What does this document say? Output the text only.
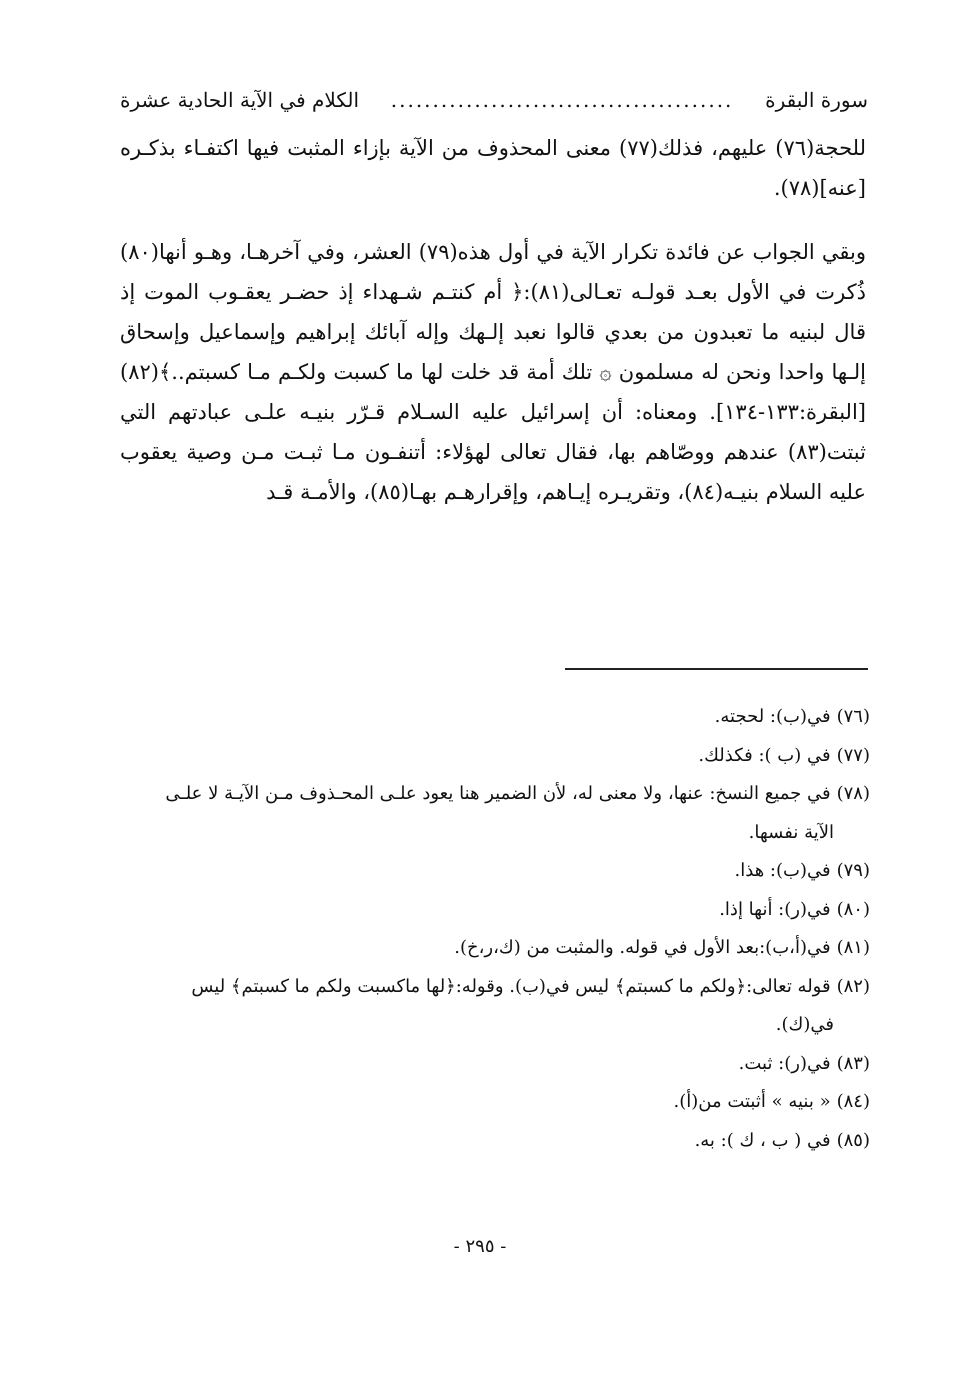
سورة البقرة
.........................................
الكلام في الآية الحادية عشرة

للحجة(٧٦) عليهم، فذلك(٧٧) معنى المحذوف من الآية بإزاء المثبت فيها اكتفـاء بذكـره [عنه](٧٨).

وبقي الجواب عن فائدة تكرار الآية في أول هذه(٧٩) العشر، وفي آخرهـا، وهـو أنها(٨٠) ذُكرت في الأول بعـد قولـه تعـالى(٨١):﴿ أم كنتـم شـهداء إذ حضـر يعقـوب الموت إذ قال لبنيه ما تعبدون من بعدي قالوا نعبد إلـهك وإله آبائك إبراهيم وإسماعيل وإسحاق إلـها واحدا ونحن له مسلمون ۞ تلك أمة قد خلت لها ما كسبت ولكـم مـا كسبتم..﴾(٨٢)[البقرة:١٣٣-١٣٤]. ومعناه: أن إسرائيل عليه السـلام قـرّر بنيـه علـى عبادتهم التي ثبتت(٨٣) عندهم ووصّاهم بها، فقال تعالى لهؤلاء: أتنفـون مـا ثبـت مـن وصية يعقوب عليه السلام بنيـه(٨٤)، وتقريـره إيـاهم، وإقرارهـم بهـا(٨٥)، والأمـة قـد

(٧٦)في(ب): لحجته.
(٧٧)في (ب ): فكذلك.
(٧٨)في جميع النسخ: عنها، ولا معنى له، لأن الضمير هنا يعود علـى المحـذوف مـن الآيـة لا علـى
الآية نفسها.
(٧٩)في(ب): هذا.
(٨٠)في(ر): أنها إذا.
(٨١)في(أ،ب):بعد الأول في قوله. والمثبت من (ك،ر،خ).
(٨٢)قوله تعالى:﴿ولكم ما كسبتم﴾ ليس في(ب). وقوله:﴿لها ماكسبت ولكم ما كسبتم﴾ ليس
في(ك).
(٨٣)في(ر): ثبت.
(٨٤)« بنيه » أثبتت من(أ).
(٨٥)في ( ب ، ك ): به.
- ٢٩٥ -
